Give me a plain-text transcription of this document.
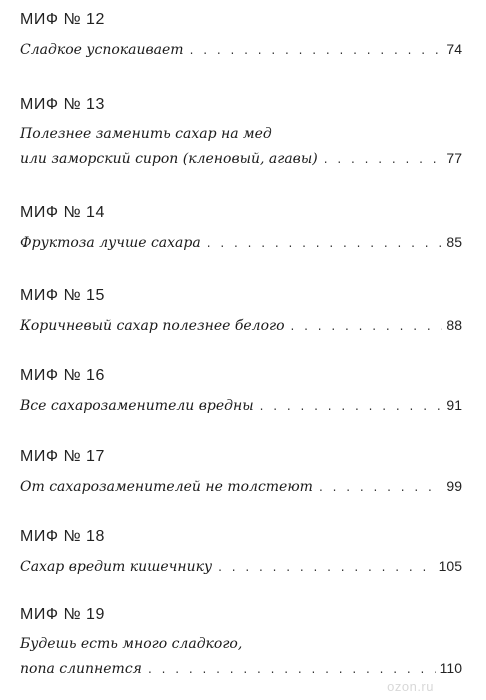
МИФ № 12
Сладкое успокаивает . . .	74
МИФ № 13
Полезнее заменить сахар на мед
или заморский сироп (кленовый, агавы) . . .	77
МИФ № 14
Фруктоза лучше сахара . . .	85
МИФ № 15
Коричневый сахар полезнее белого . . .	88
МИФ № 16
Все сахарозаменители вредны . . .	91
МИФ № 17
От сахарозаменителей не толстеют . . .	99
МИФ № 18
Сахар вредит кишечнику . . .	105
МИФ № 19
Будешь есть много сладкого,
попа слипнется . . .	110
ozon.ru
